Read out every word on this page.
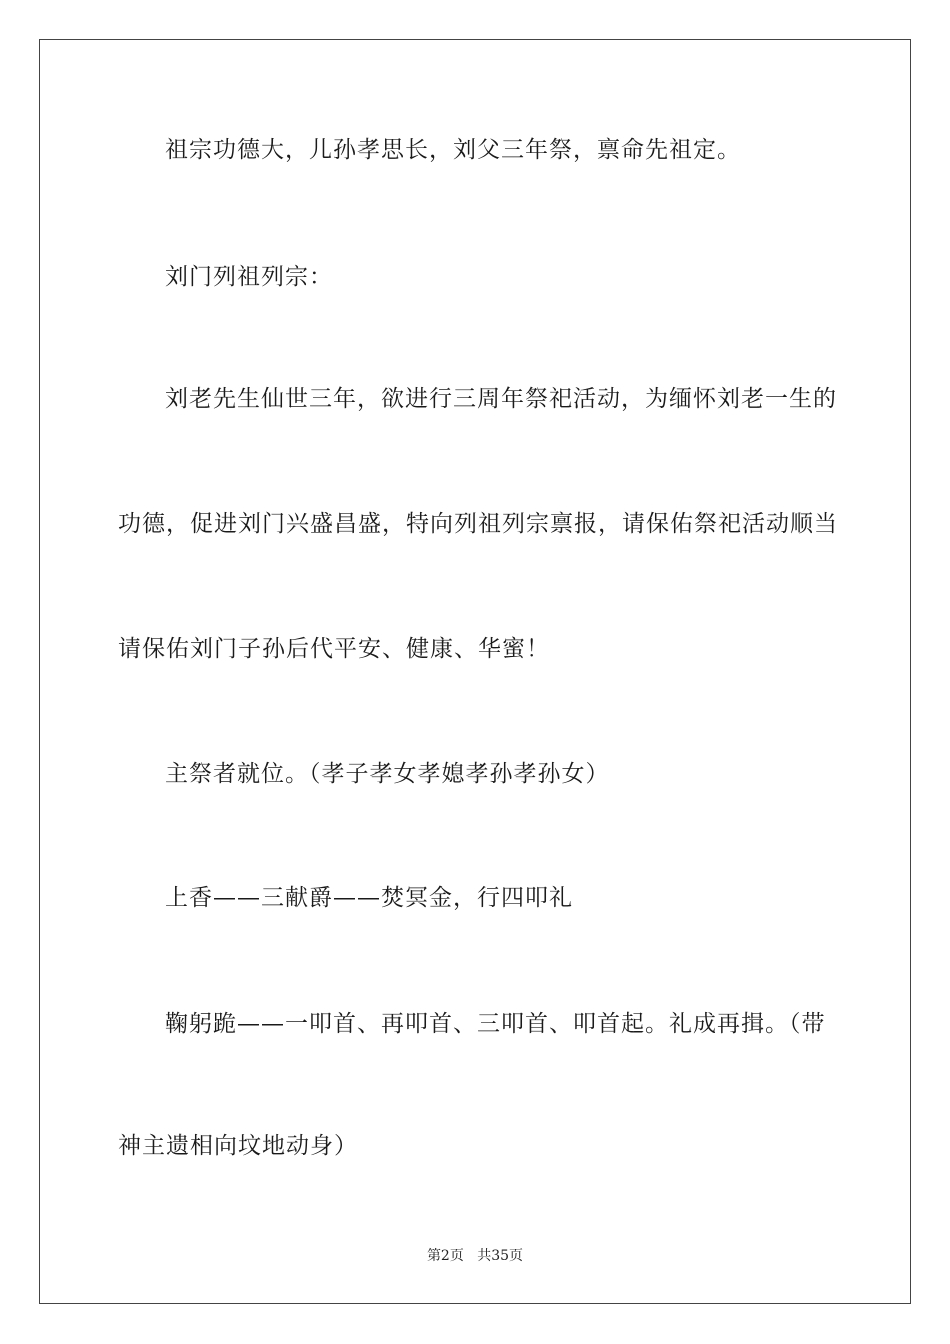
祖宗功德大，儿孙孝思长，刘父三年祭，禀命先祖定。
刘门列祖列宗：
刘老先生仙世三年，欲进行三周年祭祀活动，为缅怀刘老一生的
功德，促进刘门兴盛昌盛，特向列祖列宗禀报，请保佑祭祀活动顺当
请保佑刘门子孙后代平安、健康、华蜜！
主祭者就位。（孝子孝女孝媳孝孙孝孙女）
上香——三献爵——焚冥金，行四叩礼
鞠躬跪——一叩首、再叩首、三叩首、叩首起。礼成再揖。（带
神主遗相向坟地动身）
第2页 共35页
